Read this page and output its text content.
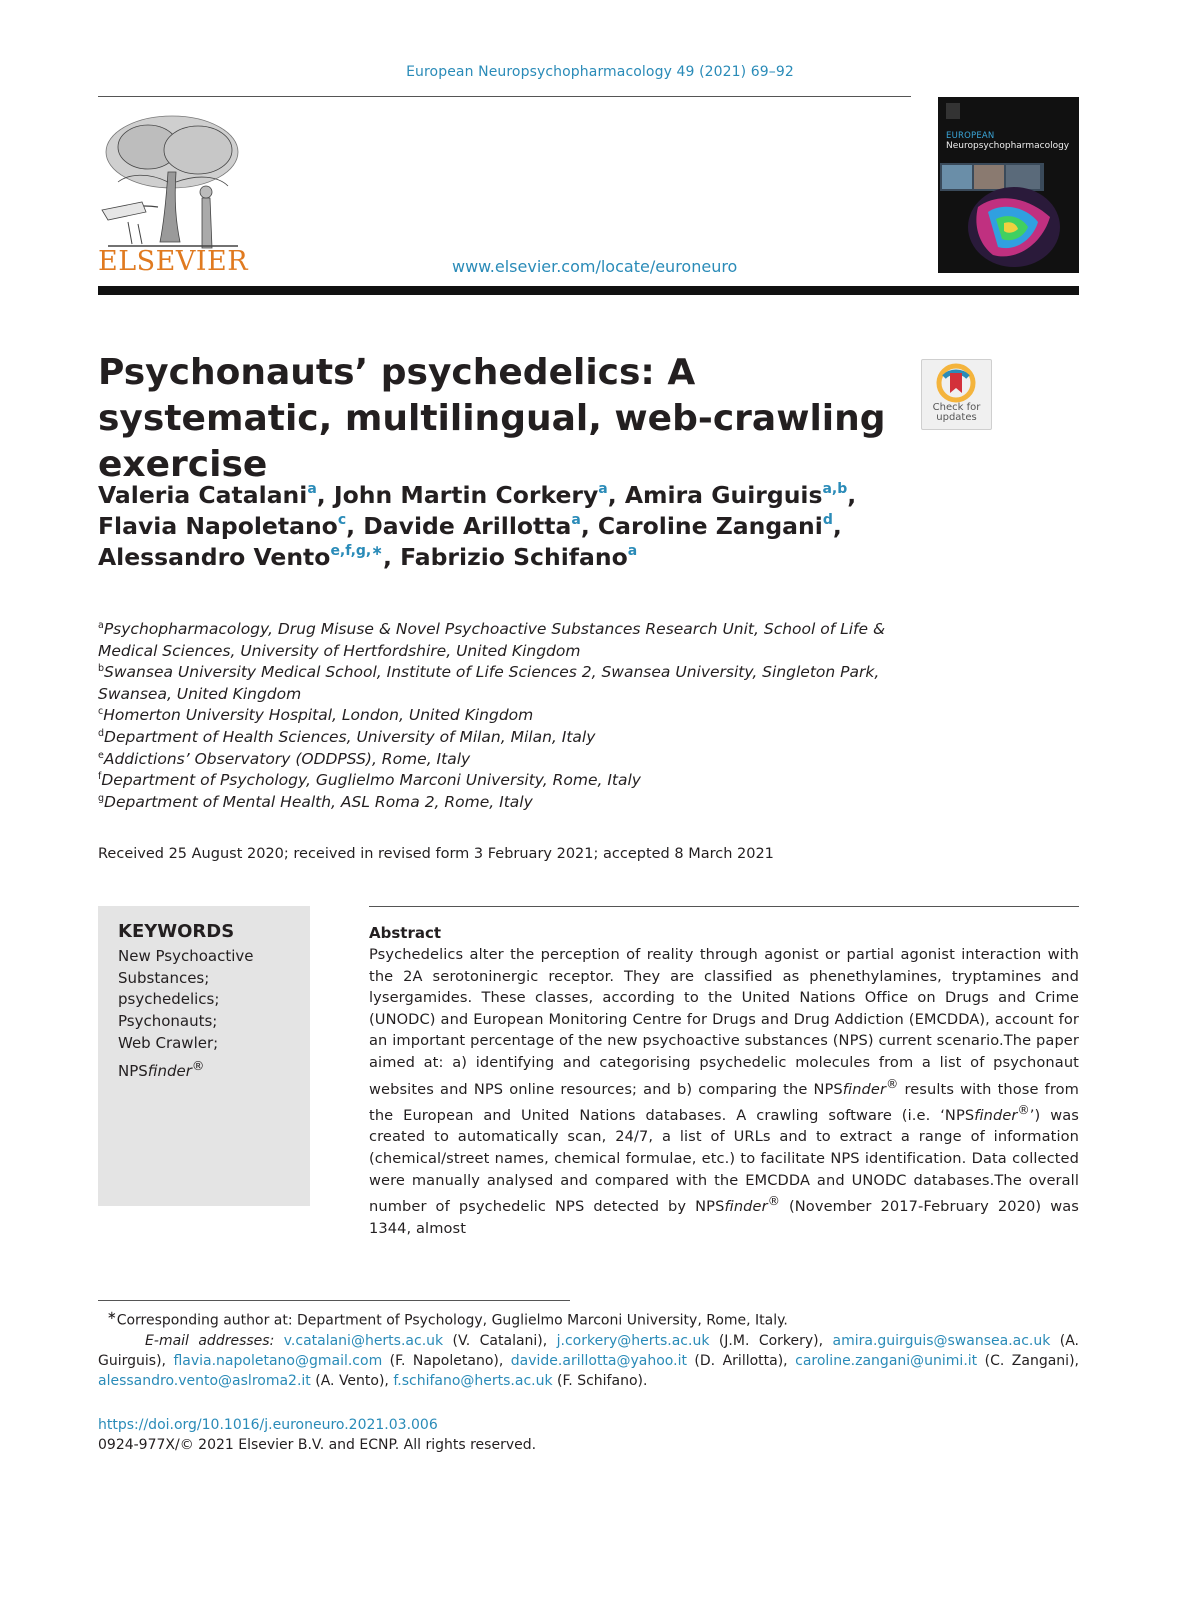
European Neuropsychopharmacology 49 (2021) 69–92
ELSEVIER	www.elsevier.com/locate/euroneuro
EUROPEAN
Neuropsychopharmacology
Psychonauts’ psychedelics: A systematic, multilingual, web-crawling exercise
Check for updates
Valeria Catalani$^a$, John Martin Corkery$^a$, Amira Guirguis$^{a,b}$,
Flavia Napoletano$^c$, Davide Arillotta$^a$, Caroline Zangani$^d$,
Alessandro Vento$^{e,f,g,∗}$, Fabrizio Schifano$^a$
$^a$Psychopharmacology, Drug Misuse & Novel Psychoactive Substances Research Unit, School of Life &
Medical Sciences, University of Hertfordshire, United Kingdom
$^b$Swansea University Medical School, Institute of Life Sciences 2, Swansea University, Singleton Park,
Swansea, United Kingdom
$^c$Homerton University Hospital, London, United Kingdom
$^d$Department of Health Sciences, University of Milan, Milan, Italy
$^e$Addictions’ Observatory (ODDPSS), Rome, Italy
$^f$Department of Psychology, Guglielmo Marconi University, Rome, Italy
$^g$Department of Mental Health, ASL Roma 2, Rome, Italy
Received 25 August 2020; received in revised form 3 February 2021; accepted 8 March 2021
KEYWORDS
New Psychoactive
Substances;
psychedelics;
Psychonauts;
Web Crawler;
NPSfinder®
Abstract
Psychedelics alter the perception of reality through agonist or partial agonist interaction with the 2A serotoninergic receptor. They are classified as phenethylamines, tryptamines and lysergamides. These classes, according to the United Nations Office on Drugs and Crime (UNODC) and European Monitoring Centre for Drugs and Drug Addiction (EMCDDA), account for an important percentage of the new psychoactive substances (NPS) current scenario.The paper aimed at: a) identifying and categorising psychedelic molecules from a list of psychonaut websites and NPS online resources; and b) comparing the NPSfinder® results with those from the European and United Nations databases. A crawling software (i.e. ‘NPSfinder®’) was created to automatically scan, 24/7, a list of URLs and to extract a range of information (chemical/street names, chemical formulae, etc.) to facilitate NPS identification. Data collected were manually analysed and compared with the EMCDDA and UNODC databases.The overall number of psychedelic NPS detected by NPSfinder® (November 2017-February 2020) was 1344, almost
∗Corresponding author at: Department of Psychology, Guglielmo Marconi University, Rome, Italy.
E-mail addresses: v.catalani@herts.ac.uk (V. Catalani), j.corkery@herts.ac.uk (J.M. Corkery), amira.guirguis@swansea.ac.uk (A. Guirguis), flavia.napoletano@gmail.com (F. Napoletano), davide.arillotta@yahoo.it (D. Arillotta), caroline.zangani@unimi.it (C. Zangani), alessandro.vento@aslroma2.it (A. Vento), f.schifano@herts.ac.uk (F. Schifano).
https://doi.org/10.1016/j.euroneuro.2021.03.006
0924-977X/© 2021 Elsevier B.V. and ECNP. All rights reserved.
